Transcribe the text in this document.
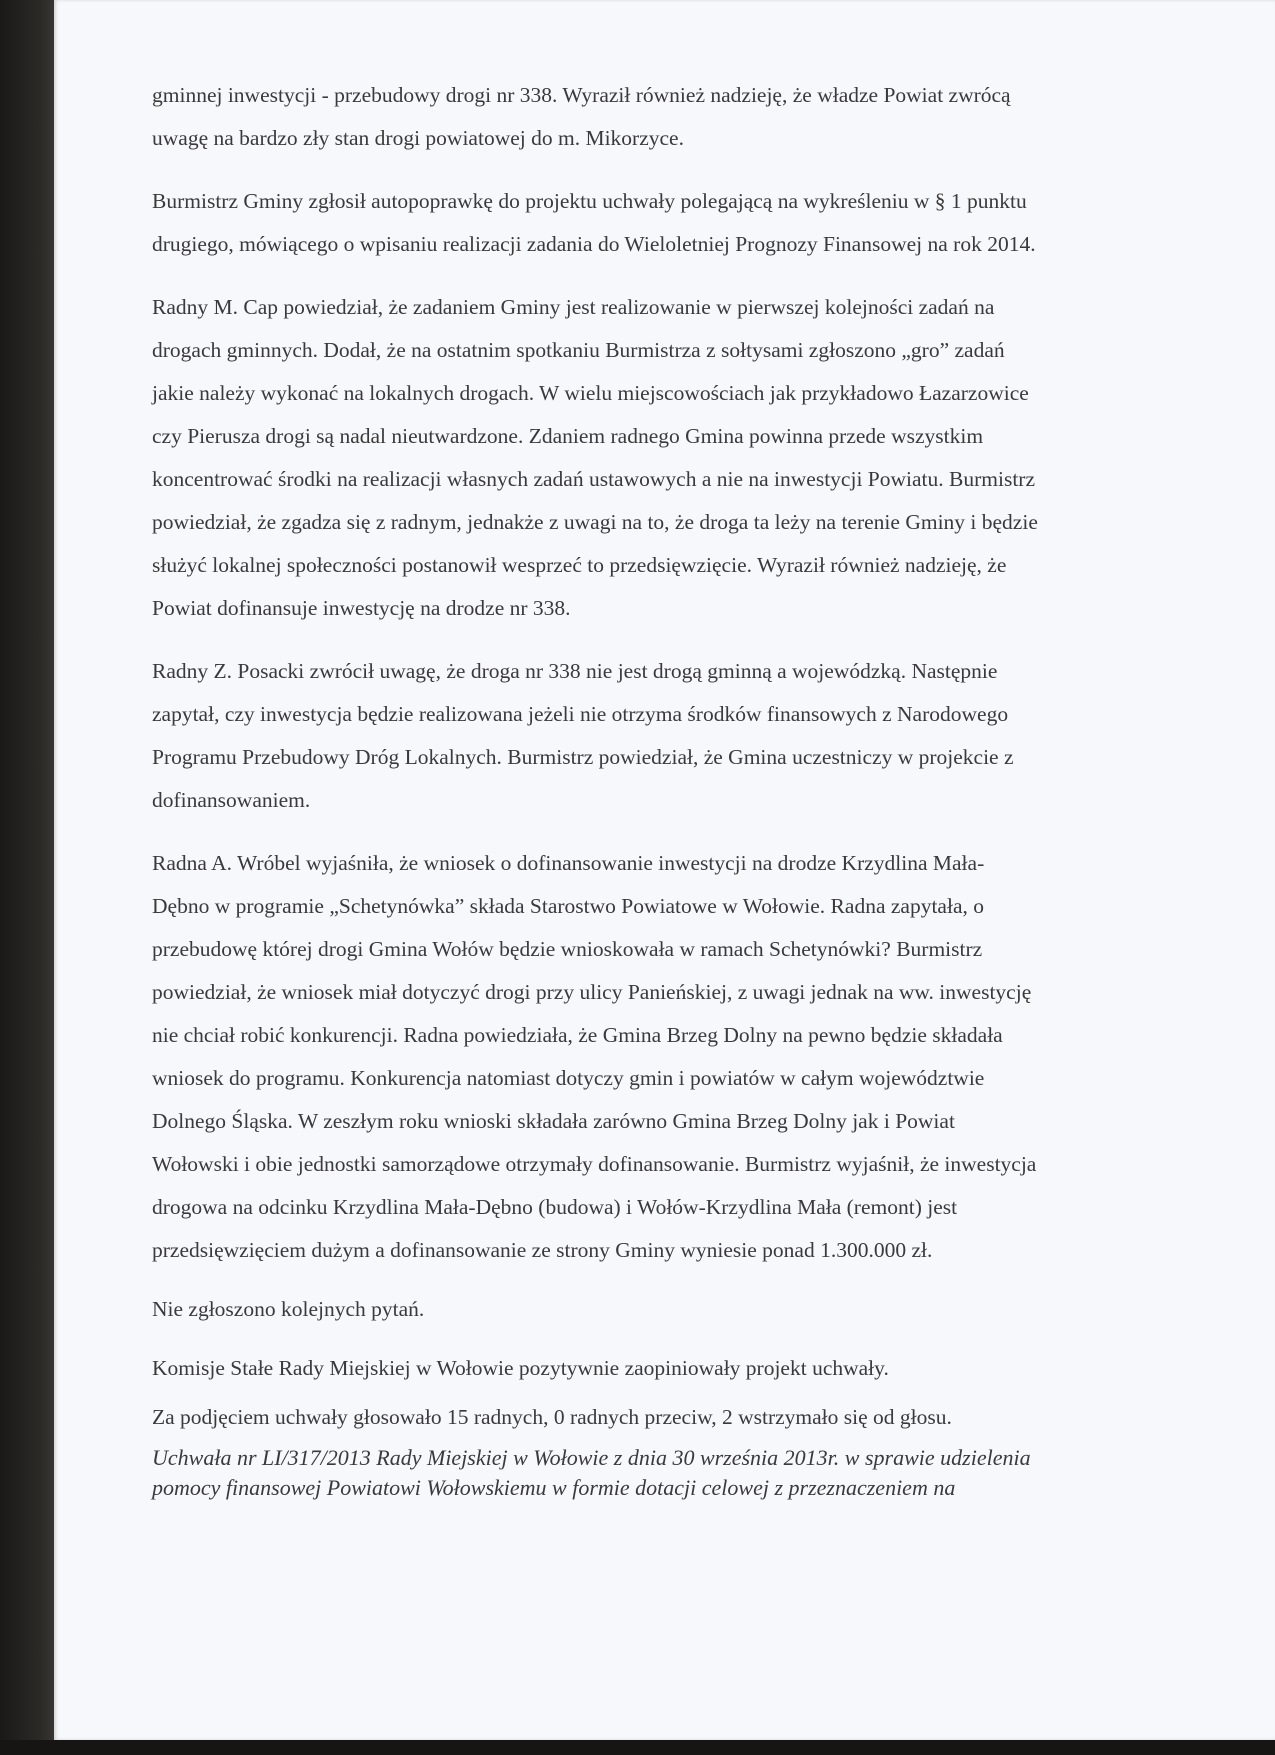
gminnej inwestycji - przebudowy drogi nr 338. Wyraził również nadzieję, że władze Powiat zwrócą
uwagę na bardzo zły stan drogi powiatowej do m. Mikorzyce.

Burmistrz Gminy zgłosił autopoprawkę do projektu uchwały polegającą na wykreśleniu w § 1 punktu
drugiego, mówiącego o wpisaniu realizacji zadania do Wieloletniej Prognozy Finansowej na rok 2014.

Radny M. Cap powiedział, że zadaniem Gminy jest realizowanie w pierwszej kolejności zadań na
drogach gminnych. Dodał, że na ostatnim spotkaniu Burmistrza z sołtysami zgłoszono „gro” zadań
jakie należy wykonać na lokalnych drogach. W wielu miejscowościach jak przykładowo Łazarzowice
czy Pierusza drogi są nadal nieutwardzone. Zdaniem radnego Gmina powinna przede wszystkim
koncentrować środki na realizacji własnych zadań ustawowych a nie na inwestycji Powiatu. Burmistrz
powiedział, że zgadza się z radnym, jednakże z uwagi na to, że droga ta leży na terenie Gminy i będzie
służyć lokalnej społeczności postanowił wesprzeć to przedsięwzięcie. Wyraził również nadzieję, że
Powiat dofinansuje inwestycję na drodze nr 338.

Radny Z. Posacki zwrócił uwagę, że droga nr 338 nie jest drogą gminną a wojewódzką. Następnie
zapytał, czy inwestycja będzie realizowana jeżeli nie otrzyma środków finansowych z Narodowego
Programu Przebudowy Dróg Lokalnych. Burmistrz powiedział, że Gmina uczestniczy w projekcie z
dofinansowaniem.

Radna A. Wróbel wyjaśniła, że wniosek o dofinansowanie inwestycji na drodze Krzydlina Mała-
Dębno w programie „Schetynówka” składa Starostwo Powiatowe w Wołowie. Radna zapytała, o
przebudowę której drogi Gmina Wołów będzie wnioskowała w ramach Schetynówki? Burmistrz
powiedział, że wniosek miał dotyczyć drogi przy ulicy Panieńskiej, z uwagi jednak na ww. inwestycję
nie chciał robić konkurencji. Radna powiedziała, że Gmina Brzeg Dolny na pewno będzie składała
wniosek do programu. Konkurencja natomiast dotyczy gmin i powiatów w całym województwie
Dolnego Śląska. W zeszłym roku wnioski składała zarówno Gmina Brzeg Dolny jak i Powiat
Wołowski i obie jednostki samorządowe otrzymały dofinansowanie. Burmistrz wyjaśnił, że inwestycja
drogowa na odcinku Krzydlina Mała-Dębno (budowa) i Wołów-Krzydlina Mała (remont) jest
przedsięwzięciem dużym a dofinansowanie ze strony Gminy wyniesie ponad 1.300.000 zł.

Nie zgłoszono kolejnych pytań.

Komisje Stałe Rady Miejskiej w Wołowie pozytywnie zaopiniowały projekt uchwały.

Za podjęciem uchwały głosowało 15 radnych, 0 radnych przeciw, 2 wstrzymało się od głosu.

Uchwała nr LI/317/2013 Rady Miejskiej w Wołowie z dnia 30 września 2013r. w sprawie udzielenia
pomocy finansowej Powiatowi Wołowskiemu w formie dotacji celowej z przeznaczeniem na
